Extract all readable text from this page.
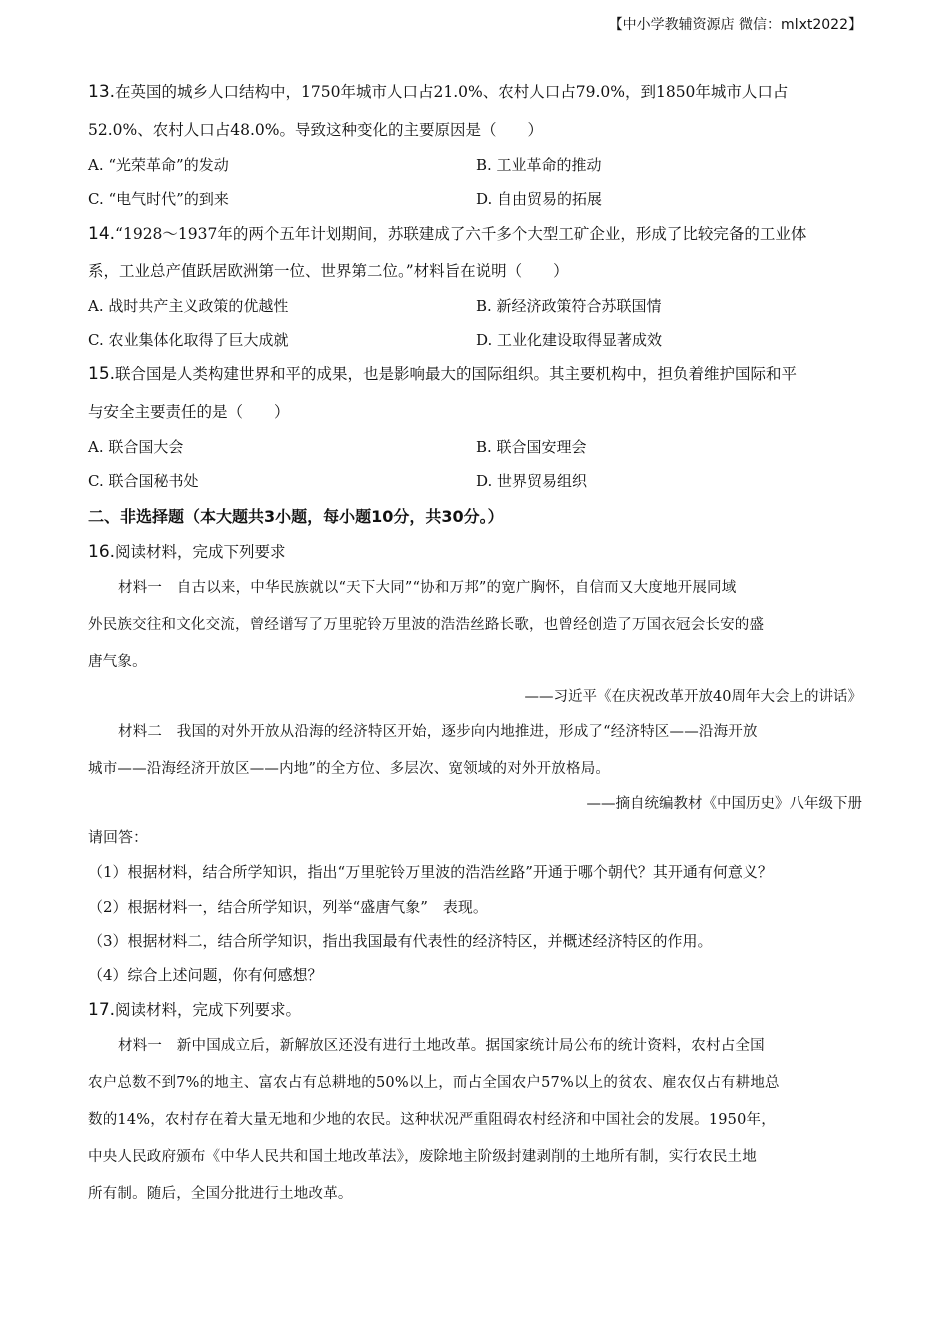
【中小学教辅资源店 微信：mlxt2022】
13.在英国的城乡人口结构中，1750年城市人口占21.0%、农村人口占79.0%，到1850年城市人口占
52.0%、农村人口占48.0%。导致这种变化的主要原因是（　　）
A. “光荣革命”的发动	B. 工业革命的推动
C. “电气时代”的到来	D. 自由贸易的拓展
14.“1928～1937年的两个五年计划期间，苏联建成了六千多个大型工矿企业，形成了比较完备的工业体
系，工业总产值跃居欧洲第一位、世界第二位。”材料旨在说明（　　）
A. 战时共产主义政策的优越性	B. 新经济政策符合苏联国情
C. 农业集体化取得了巨大成就	D. 工业化建设取得显著成效
15.联合国是人类构建世界和平的成果，也是影响最大的国际组织。其主要机构中，担负着维护国际和平
与安全主要责任的是（　　）
A. 联合国大会	B. 联合国安理会
C. 联合国秘书处	D. 世界贸易组织
二、非选择题（本大题共3小题，每小题10分，共30分。）
16.阅读材料，完成下列要求
材料一　自古以来，中华民族就以“天下大同”“协和万邦”的宽广胸怀，自信而又大度地开展同域
外民族交往和文化交流，曾经谱写了万里驼铃万里波的浩浩丝路长歌，也曾经创造了万国衣冠会长安的盛
唐气象。
——习近平《在庆祝改革开放40周年大会上的讲话》
材料二　我国的对外开放从沿海的经济特区开始，逐步向内地推进，形成了“经济特区——沿海开放
城市——沿海经济开放区——内地”的全方位、多层次、宽领域的对外开放格局。
——摘自统编教材《中国历史》八年级下册
请回答：
（1）根据材料，结合所学知识，指出“万里驼铃万里波的浩浩丝路”开通于哪个朝代？其开通有何意义？
（2）根据材料一，结合所学知识，列举“盛唐气象”　表现。
（3）根据材料二，结合所学知识，指出我国最有代表性的经济特区，并概述经济特区的作用。
（4）综合上述问题，你有何感想？
17.阅读材料，完成下列要求。
材料一　新中国成立后，新解放区还没有进行土地改革。据国家统计局公布的统计资料，农村占全国
农户总数不到7%的地主、富农占有总耕地的50%以上，而占全国农户57%以上的贫农、雇农仅占有耕地总
数的14%，农村存在着大量无地和少地的农民。这种状况严重阻碍农村经济和中国社会的发展。1950年，
中央人民政府颁布《中华人民共和国土地改革法》，废除地主阶级封建剥削的土地所有制，实行农民土地
所有制。随后，全国分批进行土地改革。
